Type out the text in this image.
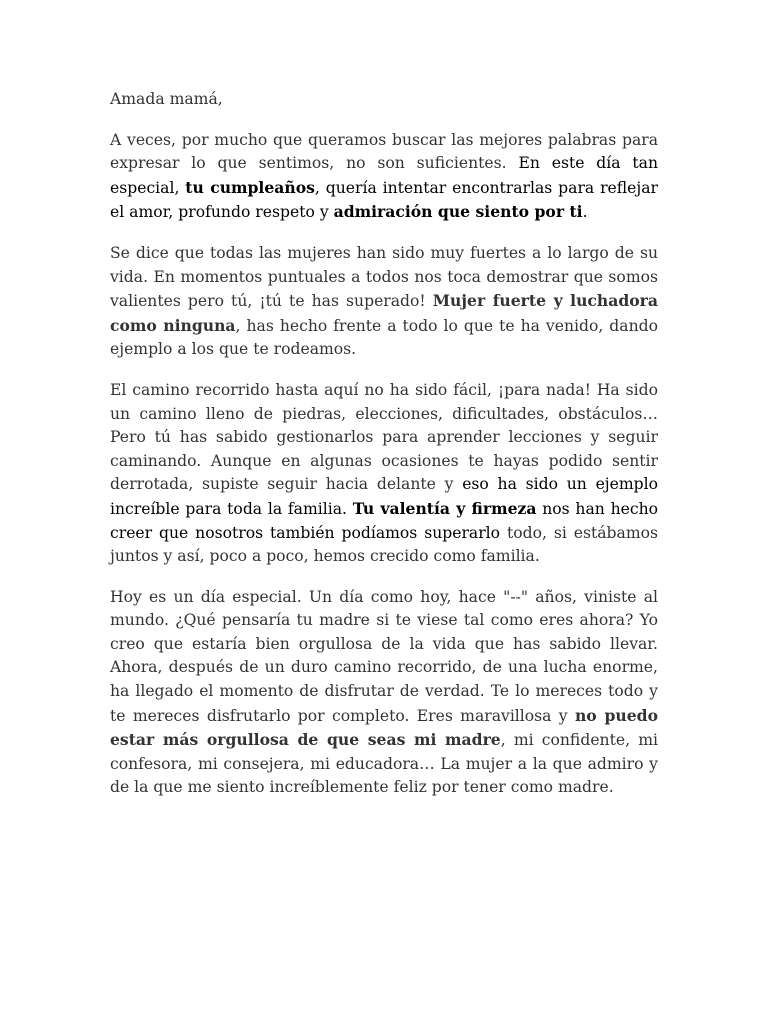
Amada mamá,

A veces, por mucho que queramos buscar las mejores palabras para expresar lo que sentimos, no son suficientes. En este día tan especial, tu cumpleaños, quería intentar encontrarlas para reflejar el amor, profundo respeto y admiración que siento por ti.

Se dice que todas las mujeres han sido muy fuertes a lo largo de su vida. En momentos puntuales a todos nos toca demostrar que somos valientes pero tú, ¡tú te has superado! Mujer fuerte y luchadora como ninguna, has hecho frente a todo lo que te ha venido, dando ejemplo a los que te rodeamos.

El camino recorrido hasta aquí no ha sido fácil, ¡para nada! Ha sido un camino lleno de piedras, elecciones, dificultades, obstáculos… Pero tú has sabido gestionarlos para aprender lecciones y seguir caminando. Aunque en algunas ocasiones te hayas podido sentir derrotada, supiste seguir hacia delante y eso ha sido un ejemplo increíble para toda la familia. Tu valentía y firmeza nos han hecho creer que nosotros también podíamos superarlo todo, si estábamos juntos y así, poco a poco, hemos crecido como familia.

Hoy es un día especial. Un día como hoy, hace "--" años, viniste al mundo. ¿Qué pensaría tu madre si te viese tal como eres ahora? Yo creo que estaría bien orgullosa de la vida que has sabido llevar. Ahora, después de un duro camino recorrido, de una lucha enorme, ha llegado el momento de disfrutar de verdad. Te lo mereces todo y te mereces disfrutarlo por completo. Eres maravillosa y no puedo estar más orgullosa de que seas mi madre, mi confidente, mi confesora, mi consejera, mi educadora… La mujer a la que admiro y de la que me siento increíblemente feliz por tener como madre.
